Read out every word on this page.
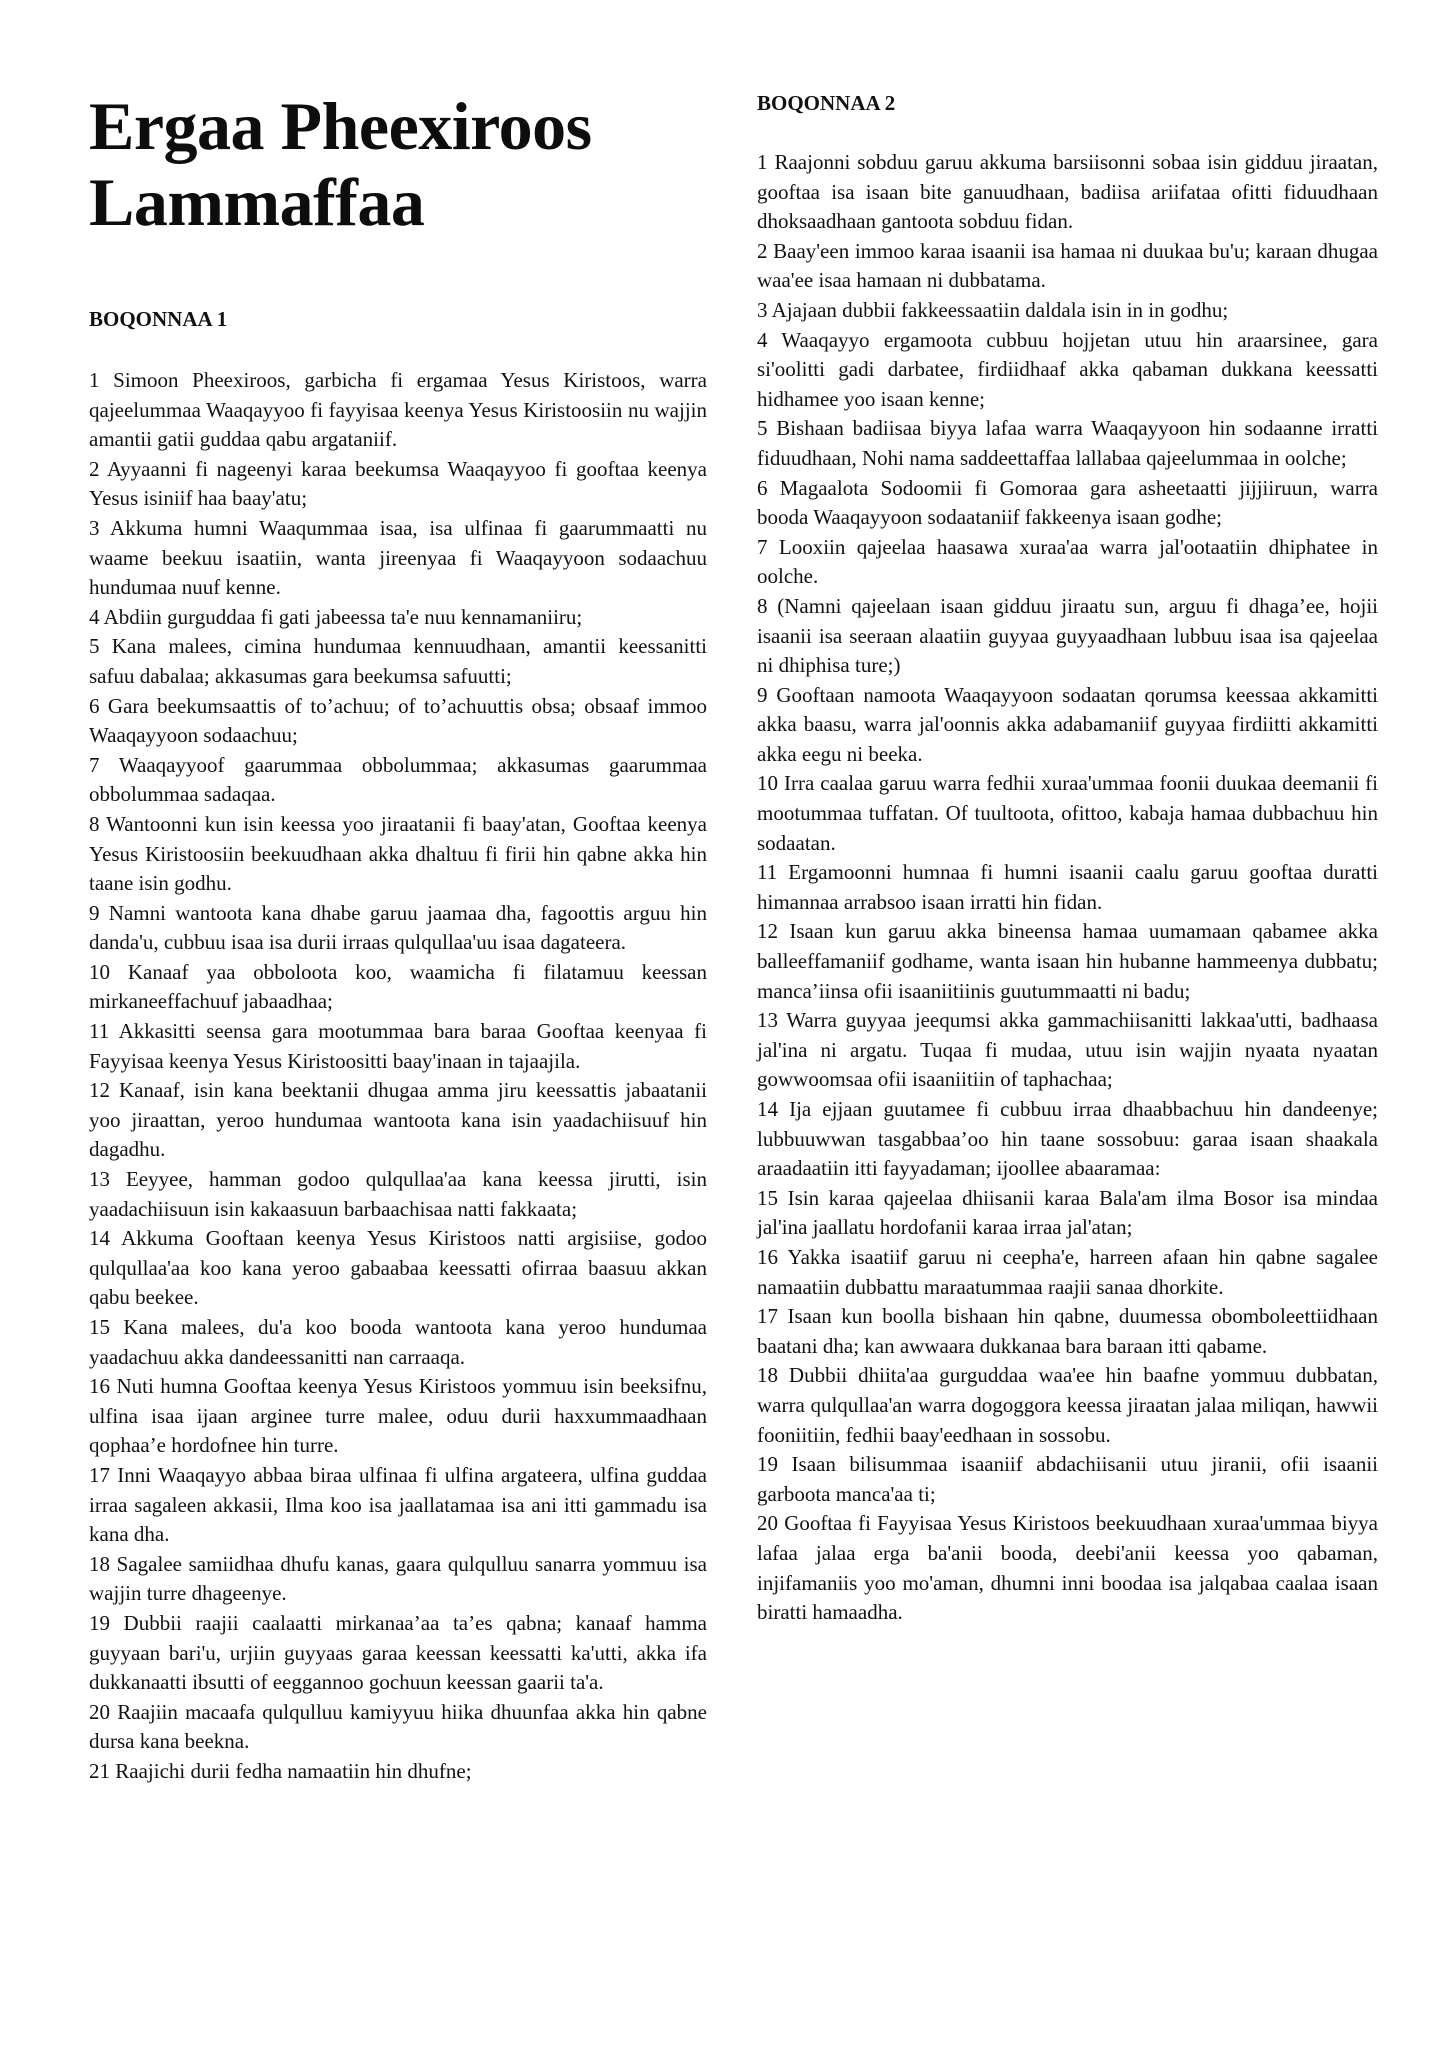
Ergaa Pheexiroos
Lammaffaa
BOQONNAA 1

1 Simoon Pheexiroos, garbicha fi ergamaa Yesus Kiristoos, warra qajeelummaa Waaqayyoo fi fayyisaa keenya Yesus Kiristoosiin nu wajjin amantii gatii guddaa qabu argataniif.

2 Ayyaanni fi nageenyi karaa beekumsa Waaqayyoo fi gooftaa keenya Yesus isiniif haa baay'atu;

3 Akkuma humni Waaqummaa isaa, isa ulfinaa fi gaarummaatti nu waame beekuu isaatiin, wanta jireenyaa fi Waaqayyoon sodaachuu hundumaa nuuf kenne.

4 Abdiin gurguddaa fi gati jabeessa ta'e nuu kennamaniiru;

5 Kana malees, cimina hundumaa kennuudhaan, amantii keessanitti safuu dabalaa; akkasumas gara beekumsa safuutti;

6 Gara beekumsaattis of to’achuu; of to’achuuttis obsa; obsaaf immoo Waaqayyoon sodaachuu;

7 Waaqayyoof gaarummaa obbolummaa; akkasumas gaarummaa obbolummaa sadaqaa.

8 Wantoonni kun isin keessa yoo jiraatanii fi baay'atan, Gooftaa keenya Yesus Kiristoosiin beekuudhaan akka dhaltuu fi firii hin qabne akka hin taane isin godhu.

9 Namni wantoota kana dhabe garuu jaamaa dha, fagoottis arguu hin danda'u, cubbuu isaa isa durii irraas qulqullaa'uu isaa dagateera.

10 Kanaaf yaa obboloota koo, waamicha fi filatamuu keessan mirkaneeffachuuf jabaadhaa;

11 Akkasitti seensa gara mootummaa bara baraa Gooftaa keenyaa fi Fayyisaa keenya Yesus Kiristoositti baay'inaan in tajaajila.

12 Kanaaf, isin kana beektanii dhugaa amma jiru keessattis jabaatanii yoo jiraattan, yeroo hundumaa wantoota kana isin yaadachiisuuf hin dagadhu.

13 Eeyyee, hamman godoo qulqullaa'aa kana keessa jirutti, isin yaadachiisuun isin kakaasuun barbaachisaa natti fakkaata;

14 Akkuma Gooftaan keenya Yesus Kiristoos natti argisiise, godoo qulqullaa'aa koo kana yeroo gabaabaa keessatti ofirraa baasuu akkan qabu beekee.

15 Kana malees, du'a koo booda wantoota kana yeroo hundumaa yaadachuu akka dandeessanitti nan carraaqa.

16 Nuti humna Gooftaa keenya Yesus Kiristoos yommuu isin beeksifnu, ulfina isaa ijaan arginee turre malee, oduu durii haxxummaadhaan qophaa’e hordofnee hin turre.

17 Inni Waaqayyo abbaa biraa ulfinaa fi ulfina argateera, ulfina guddaa irraa sagaleen akkasii, Ilma koo isa jaallatamaa isa ani itti gammadu isa kana dha.

18 Sagalee samiidhaa dhufu kanas, gaara qulqulluu sanarra yommuu isa wajjin turre dhageenye.

19 Dubbii raajii caalaatti mirkanaa’aa ta’es qabna; kanaaf hamma guyyaan bari'u, urjiin guyyaas garaa keessan keessatti ka'utti, akka ifa dukkanaatti ibsutti of eeggannoo gochuun keessan gaarii ta'a.

20 Raajiin macaafa qulqulluu kamiyyuu hiika dhuunfaa akka hin qabne dursa kana beekna.

21 Raajichi durii fedha namaatiin hin dhufne;

BOQONNAA 2

1 Raajonni sobduu garuu akkuma barsiisonni sobaa isin gidduu jiraatan, gooftaa isa isaan bite ganuudhaan, badiisa ariifataa ofitti fiduudhaan dhoksaadhaan gantoota sobduu fidan.

2 Baay'een immoo karaa isaanii isa hamaa ni duukaa bu'u; karaan dhugaa waa'ee isaa hamaan ni dubbatama.

3 Ajajaan dubbii fakkeessaatiin daldala isin in in godhu;

4 Waaqayyo ergamoota cubbuu hojjetan utuu hin araarsinee, gara si'oolitti gadi darbatee, firdiidhaaf akka qabaman dukkana keessatti hidhamee yoo isaan kenne;

5 Bishaan badiisaa biyya lafaa warra Waaqayyoon hin sodaanne irratti fiduudhaan, Nohi nama saddeettaffaa lallabaa qajeelummaa in oolche;

6 Magaalota Sodoomii fi Gomoraa gara asheetaatti jijjiiruun, warra booda Waaqayyoon sodaataniif fakkeenya isaan godhe;

7 Looxiin qajeelaa haasawa xuraa'aa warra jal'ootaatiin dhiphatee in oolche.

8 (Namni qajeelaan isaan gidduu jiraatu sun, arguu fi dhaga’ee, hojii isaanii isa seeraan alaatiin guyyaa guyyaadhaan lubbuu isaa isa qajeelaa ni dhiphisa ture;)

9 Gooftaan namoota Waaqayyoon sodaatan qorumsa keessaa akkamitti akka baasu, warra jal'oonnis akka adabamaniif guyyaa firdiitti akkamitti akka eegu ni beeka.

10 Irra caalaa garuu warra fedhii xuraa'ummaa foonii duukaa deemanii fi mootummaa tuffatan. Of tuultoota, ofittoo, kabaja hamaa dubbachuu hin sodaatan.

11 Ergamoonni humnaa fi humni isaanii caalu garuu gooftaa duratti himannaa arrabsoo isaan irratti hin fidan.

12 Isaan kun garuu akka bineensa hamaa uumamaan qabamee akka balleeffamaniif godhame, wanta isaan hin hubanne hammeenya dubbatu; manca’iinsa ofii isaaniitiinis guutummaatti ni badu;

13 Warra guyyaa jeequmsi akka gammachiisanitti lakkaa'utti, badhaasa jal'ina ni argatu. Tuqaa fi mudaa, utuu isin wajjin nyaata nyaatan gowwoomsaa ofii isaaniitiin of taphachaa;

14 Ija ejjaan guutamee fi cubbuu irraa dhaabbachuu hin dandeenye; lubbuuwwan tasgabbaa’oo hin taane sossobuu: garaa isaan shaakala araadaatiin itti fayyadaman; ijoollee abaaramaa:

15 Isin karaa qajeelaa dhiisanii karaa Bala'am ilma Bosor isa mindaa jal'ina jaallatu hordofanii karaa irraa jal'atan;

16 Yakka isaatiif garuu ni ceepha'e, harreen afaan hin qabne sagalee namaatiin dubbattu maraatummaa raajii sanaa dhorkite.

17 Isaan kun boolla bishaan hin qabne, duumessa obomboleettiidhaan baatani dha; kan awwaara dukkanaa bara baraan itti qabame.

18 Dubbii dhiita'aa gurguddaa waa'ee hin baafne yommuu dubbatan, warra qulqullaa'an warra dogoggora keessa jiraatan jalaa miliqan, hawwii fooniitiin, fedhii baay'eedhaan in sossobu.

19 Isaan bilisummaa isaaniif abdachiisanii utuu jiranii, ofii isaanii garboota manca'aa ti;

20 Gooftaa fi Fayyisaa Yesus Kiristoos beekuudhaan xuraa'ummaa biyya lafaa jalaa erga ba'anii booda, deebi'anii keessa yoo qabaman, injifamaniis yoo mo'aman, dhumni inni boodaa isa jalqabaa caalaa isaan biratti hamaadha.
